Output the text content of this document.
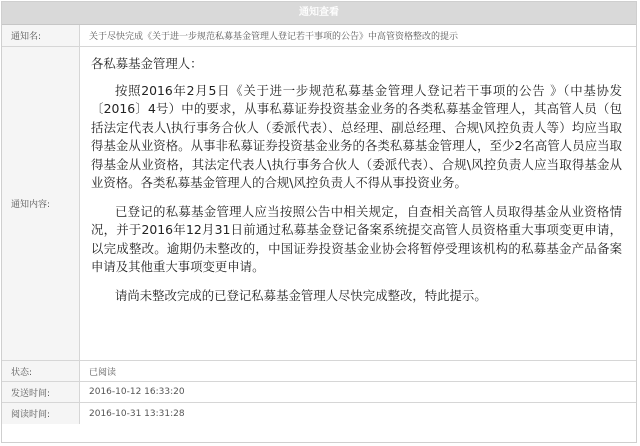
通知查看
通知名:	关于尽快完成《关于进一步规范私募基金管理人登记若干事项的公告》中高管资格整改的提示
通知内容:

各私募基金管理人：

按照2016年2月5日《关于进一步规范私募基金管理人登记若干事项的公告 》（中基协发〔2016〕4号）中的要求，从事私募证券投资基金业务的各类私募基金管理人，其高管人员（包括法定代表人\执行事务合伙人（委派代表）、总经理、副总经理、合规\风控负责人等）均应当取得基金从业资格。从事非私募证券投资基金业务的各类私募基金管理人，至少2名高管人员应当取得基金从业资格，其法定代表人\执行事务合伙人（委派代表）、合规\风控负责人应当取得基金从业资格。各类私募基金管理人的合规\风控负责人不得从事投资业务。

已登记的私募基金管理人应当按照公告中相关规定，自查相关高管人员取得基金从业资格情况，并于2016年12月31日前通过私募基金登记备案系统提交高管人员资格重大事项变更申请，以完成整改。逾期仍未整改的，中国证券投资基金业协会将暂停受理该机构的私募基金产品备案申请及其他重大事项变更申请。

请尚未整改完成的已登记私募基金管理人尽快完成整改，特此提示。

状态:	已阅读
发送时间:	2016-10-12 16:33:20
阅读时间:	2016-10-31 13:31:28
